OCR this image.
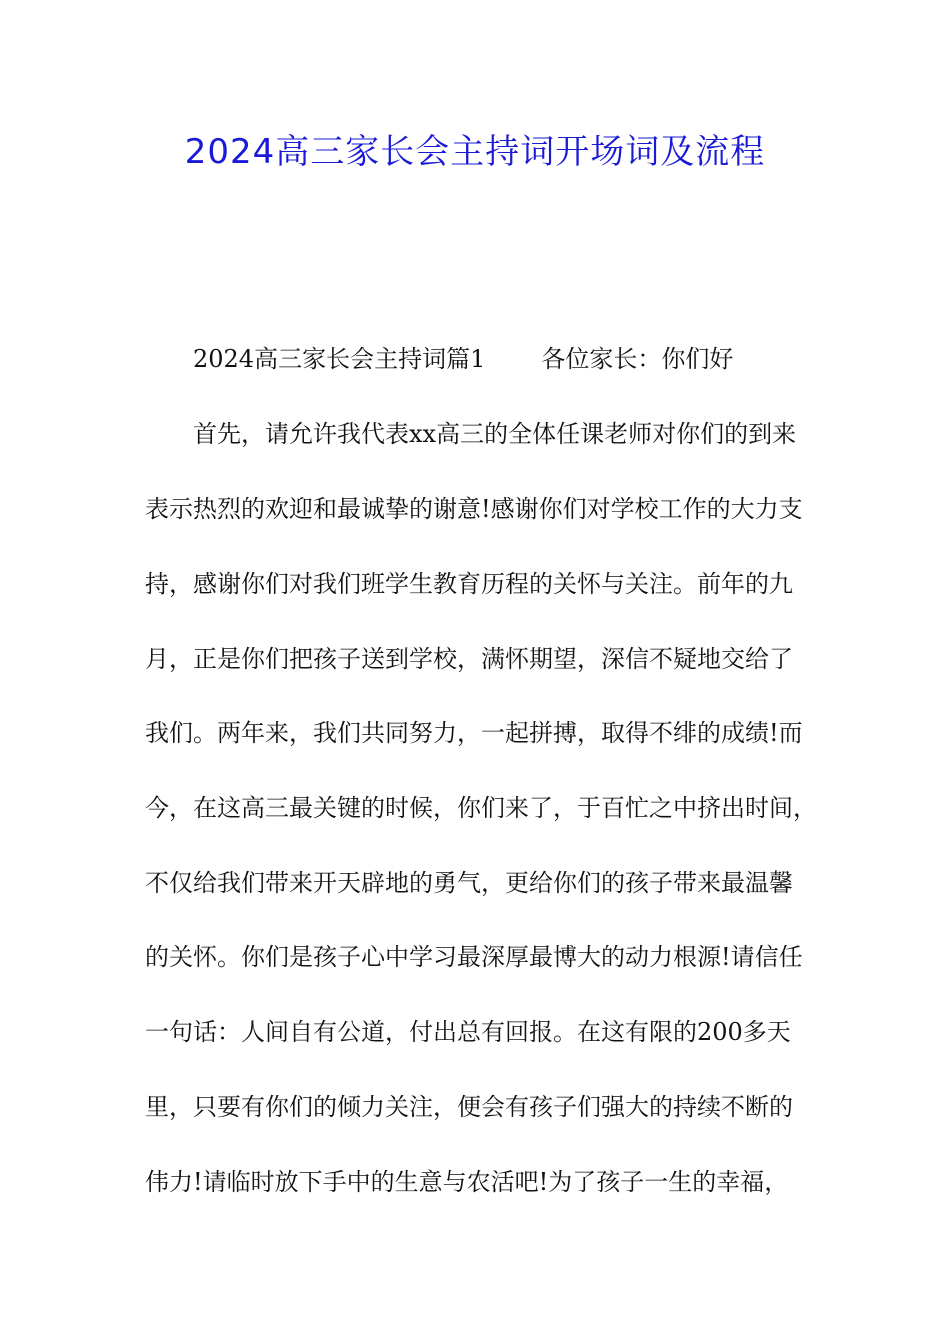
2024高三家长会主持词开场词及流程
2024高三家长会主持词篇1 各位家长：你们好
首先，请允许我代表xx高三的全体任课老师对你们的到来
表示热烈的欢迎和最诚挚的谢意!感谢你们对学校工作的大力支
持，感谢你们对我们班学生教育历程的关怀与关注。前年的九
月，正是你们把孩子送到学校，满怀期望，深信不疑地交给了
我们。两年来，我们共同努力，一起拼搏，取得不绯的成绩!而
今，在这高三最关键的时候，你们来了，于百忙之中挤出时间，
不仅给我们带来开天辟地的勇气，更给你们的孩子带来最温馨
的关怀。你们是孩子心中学习最深厚最博大的动力根源!请信任
一句话：人间自有公道，付出总有回报。在这有限的200多天
里，只要有你们的倾力关注，便会有孩子们强大的持续不断的
伟力!请临时放下手中的生意与农活吧!为了孩子一生的幸福，
